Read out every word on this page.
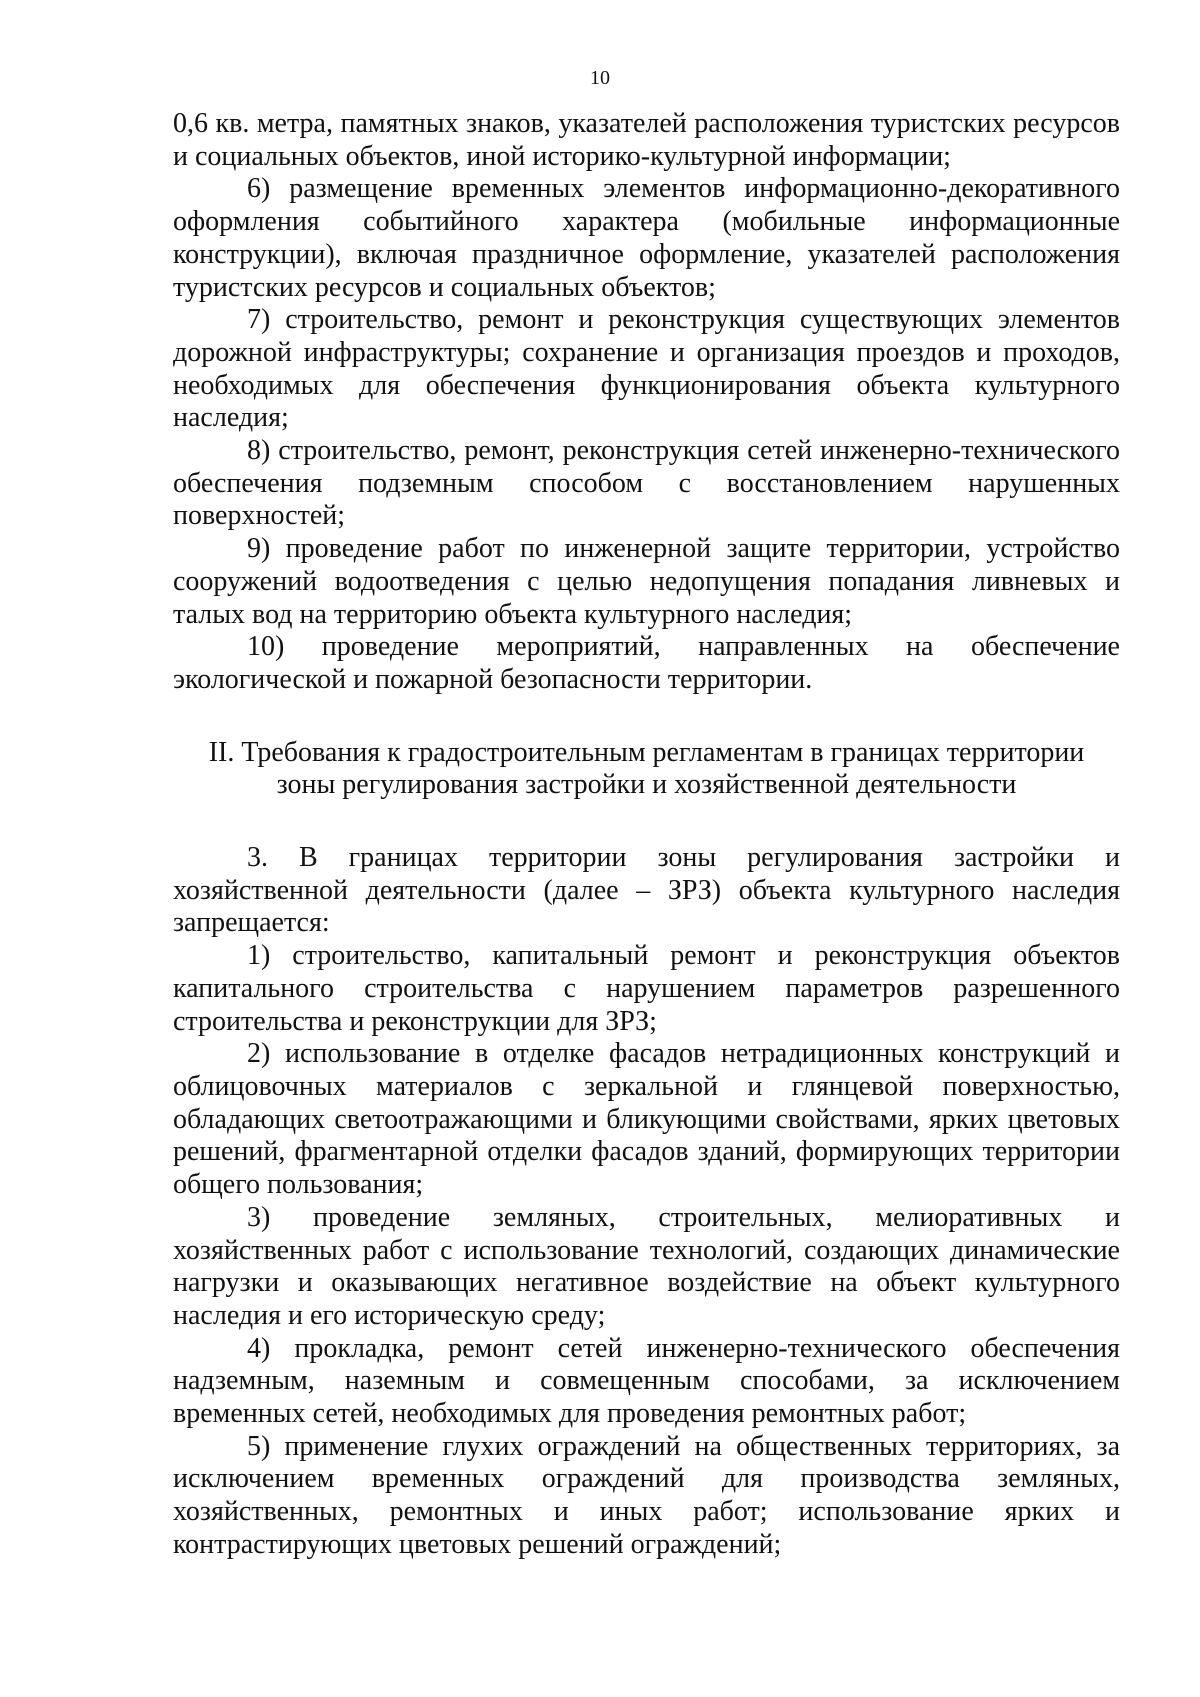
10

0,6 кв. метра, памятных знаков, указателей расположения туристских ресурсов и социальных объектов, иной историко-культурной информации;

6) размещение временных элементов информационно-декоративного оформления событийного характера (мобильные информационные конструкции), включая праздничное оформление, указателей расположения туристских ресурсов и социальных объектов;

7) строительство, ремонт и реконструкция существующих элементов дорожной инфраструктуры; сохранение и организация проездов и проходов, необходимых для обеспечения функционирования объекта культурного наследия;

8) строительство, ремонт, реконструкция сетей инженерно-технического обеспечения подземным способом с восстановлением нарушенных поверхностей;

9) проведение работ по инженерной защите территории, устройство сооружений водоотведения с целью недопущения попадания ливневых и талых вод на территорию объекта культурного наследия;

10) проведение мероприятий, направленных на обеспечение экологической и пожарной безопасности территории.

II. Требования к градостроительным регламентам в границах территории
зоны регулирования застройки и хозяйственной деятельности

3. В границах территории зоны регулирования застройки и хозяйственной деятельности (далее – ЗРЗ) объекта культурного наследия запрещается:

1) строительство, капитальный ремонт и реконструкция объектов капитального строительства с нарушением параметров разрешенного строительства и реконструкции для ЗРЗ;

2) использование в отделке фасадов нетрадиционных конструкций и облицовочных материалов с зеркальной и глянцевой поверхностью, обладающих светоотражающими и бликующими свойствами, ярких цветовых решений, фрагментарной отделки фасадов зданий, формирующих территории общего пользования;

3) проведение земляных, строительных, мелиоративных и хозяйственных работ с использование технологий, создающих динамические нагрузки и оказывающих негативное воздействие на объект культурного наследия и его историческую среду;

4) прокладка, ремонт сетей инженерно-технического обеспечения надземным, наземным и совмещенным способами, за исключением временных сетей, необходимых для проведения ремонтных работ;

5) применение глухих ограждений на общественных территориях, за исключением временных ограждений для производства земляных, хозяйственных, ремонтных и иных работ; использование ярких и контрастирующих цветовых решений ограждений;
